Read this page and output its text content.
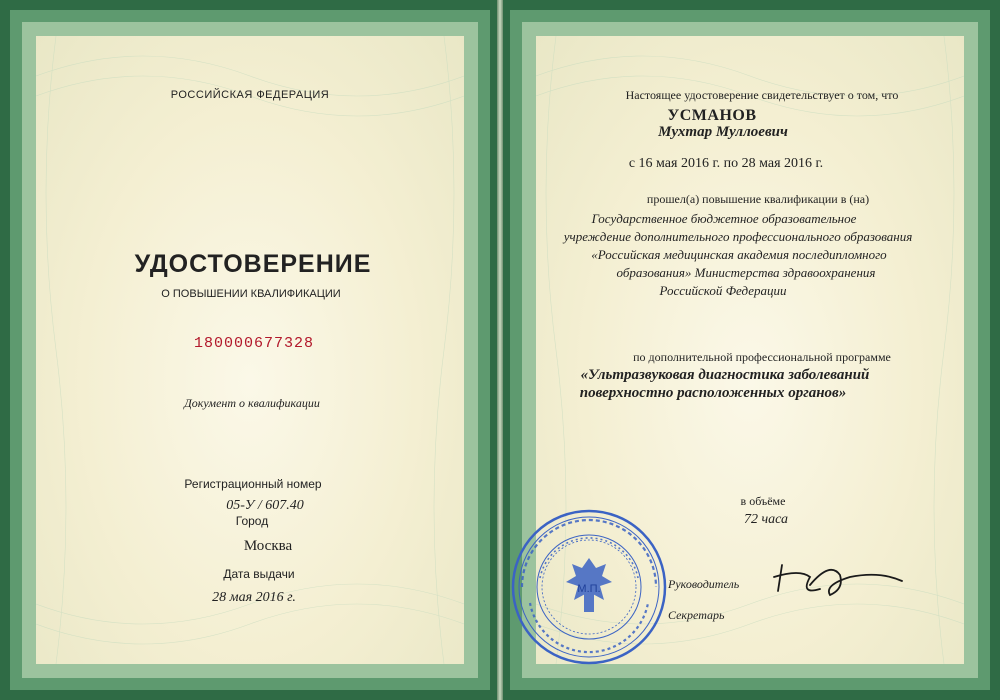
РОССИЙСКАЯ ФЕДЕРАЦИЯ
УДОСТОВЕРЕНИЕ
О ПОВЫШЕНИИ КВАЛИФИКАЦИИ
180000677328
Документ о квалификации
Регистрационный номер
05-У / 607.40
Город
Москва
Дата выдачи
28 мая 2016 г.
Настоящее удостоверение свидетельствует о том, что
УСМАНОВ
Мухтар Муллоевич
с 16 мая 2016 г. по 28 мая 2016 г.
прошел(а) повышение квалификации в (на)
Государственное бюджетное образовательное
учреждение дополнительного профессионального образования
«Российская медицинская академия последипломного
образования» Министерства здравоохранения
Российской Федерации
по дополнительной профессиональной программе
«Ультразвуковая диагностика заболеваний
поверхностно расположенных органов»
в объёме
72 часа
Руководитель
Секретарь
М.П.
